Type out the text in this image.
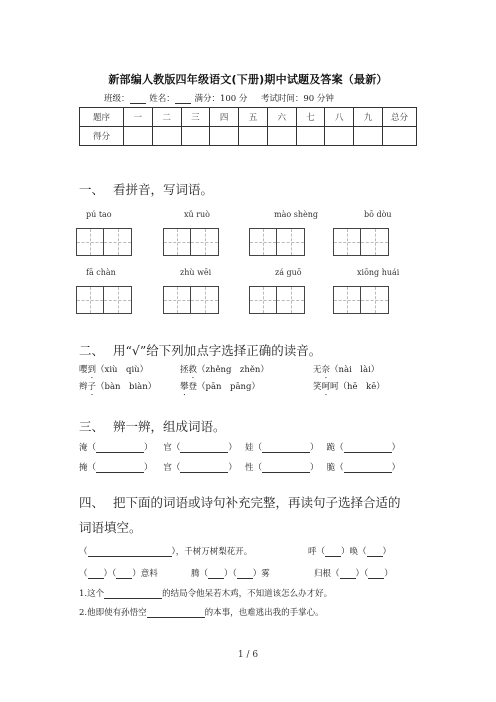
新部编人教版四年级语文(下册)期中试题及答案（最新）
班级： 姓名： 满分：100 分 考试时间：90 分钟
题序	一	二	三	四	五	六	七	八	九	总分
得分										
一、 看拼音，写词语。
pú tao	xǔ ruò	mào shèng	bō dòu
fā chàn	zhù wēi	zá guō	xiōng huái
二、 用“√”给下列加点字选择正确的读音。
嘤到（xiù　qiù）	拯救（zhěng　zhěn）	无奈（nài　lài）
辫子（bàn　biàn）	攀登（pān　pāng）	笑呵呵（hē　kē）
三、 辨一辨，组成词语。
淹（	）    官（	）   娃（	）   跪（	）
掩（	）    宫（	）   性（	）   脆（	）
四、 把下面的词语或诗句补充完整，再读句子选择合适的
词语填空。
（	），千树万树梨花开。	呼（ ）唤（ ）
（ ）（ ）意料	腾（ ）（ ）雾	归根（ ）（ ）
1.这个	的结局令他呆若木鸡，不知道该怎么办才好。
2.他即使有孙悟空	的本事，也难逃出我的手掌心。
1 / 6
